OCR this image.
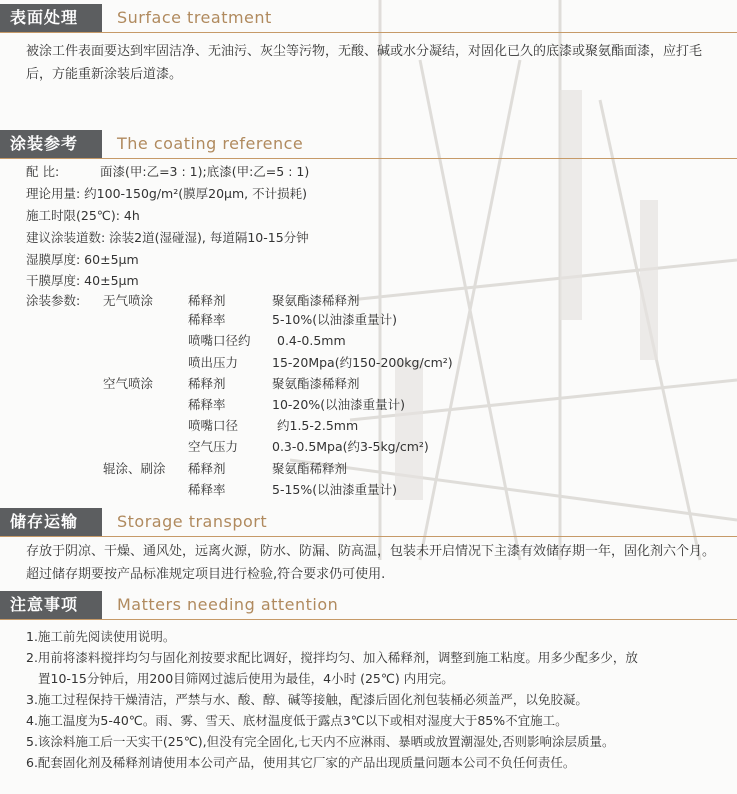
表面处理	Surface treatment
被涂工件表面要达到牢固洁净、无油污、灰尘等污物，无酸、碱或水分凝结，对固化已久的底漆或聚氨酯面漆，应打毛后，方能重新涂装后道漆。
涂装参考	The coating reference
配 比:	面漆(甲:乙=3 : 1);底漆(甲:乙=5 : 1)
理论用量: 约100-150g/m²(膜厚20μm, 不计损耗)
施工时限(25℃): 4h
建议涂装道数: 涂装2道(湿碰湿), 每道隔10-15分钟
湿膜厚度: 60±5μm
干膜厚度: 40±5μm
涂装参数: 无气喷涂	稀释剂	聚氨酯漆稀释剂
稀释率	5-10%(以油漆重量计)
喷嘴口径约 0.4-0.5mm
喷出压力	15-20Mpa(约150-200kg/cm²)
空气喷涂	稀释剂	聚氨酯漆稀释剂
稀释率	10-20%(以油漆重量计)
喷嘴口径	约1.5-2.5mm
空气压力	0.3-0.5Mpa(约3-5kg/cm²)
辊涂、刷涂 稀释剂	聚氨酯稀释剂
稀释率	5-15%(以油漆重量计)
储存运输	Storage transport
存放于阴凉、干燥、通风处，远离火源，防水、防漏、防高温，包装未开启情况下主漆有效储存期一年，固化剂六个月。超过储存期要按产品标准规定项目进行检验,符合要求仍可使用.
注意事项	Matters needing attention
1.施工前先阅读使用说明。
2.用前将漆料搅拌均匀与固化剂按要求配比调好，搅拌均匀、加入稀释剂，调整到施工粘度。用多少配多少，放
置10-15分钟后，用200目筛网过滤后使用为最佳，4小时 (25℃) 内用完。
3.施工过程保持干燥清洁，严禁与水、酸、醇、碱等接触，配漆后固化剂包装桶必须盖严，以免胶凝。
4.施工温度为5-40℃。雨、雾、雪天、底材温度低于露点3℃以下或相对湿度大于85%不宜施工。
5.该涂料施工后一天实干(25℃),但没有完全固化,七天内不应淋雨、暴晒或放置潮湿处,否则影响涂层质量。
6.配套固化剂及稀释剂请使用本公司产品，使用其它厂家的产品出现质量问题本公司不负任何责任。
